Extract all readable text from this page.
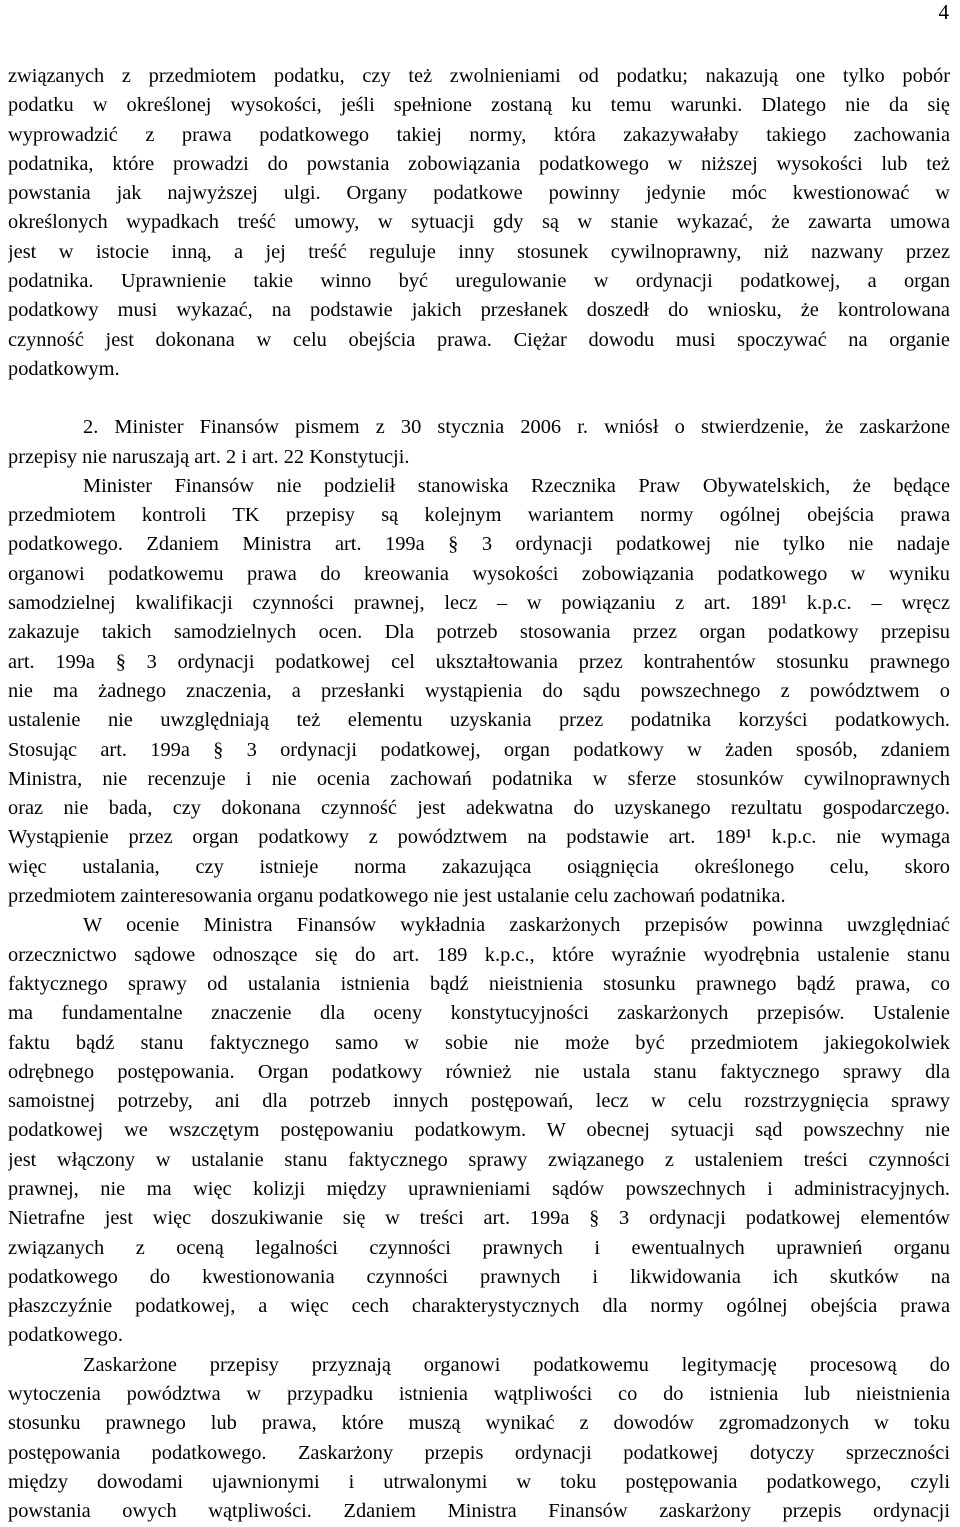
4
związanych z przedmiotem podatku, czy też zwolnieniami od podatku; nakazują one tylko pobór
podatku w określonej wysokości, jeśli spełnione zostaną ku temu warunki. Dlatego nie da się
wyprowadzić z prawa podatkowego takiej normy, która zakazywałaby takiego zachowania
podatnika, które prowadzi do powstania zobowiązania podatkowego w niższej wysokości lub też
powstania jak najwyższej ulgi. Organy podatkowe powinny jedynie móc kwestionować w
określonych wypadkach treść umowy, w sytuacji gdy są w stanie wykazać, że zawarta umowa
jest w istocie inną, a jej treść reguluje inny stosunek cywilnoprawny, niż nazwany przez
podatnika. Uprawnienie takie winno być uregulowanie w ordynacji podatkowej, a organ
podatkowy musi wykazać, na podstawie jakich przesłanek doszedł do wniosku, że kontrolowana
czynność jest dokonana w celu obejścia prawa. Ciężar dowodu musi spoczywać na organie
podatkowym.
2. Minister Finansów pismem z 30 stycznia 2006 r. wniósł o stwierdzenie, że zaskarżone
przepisy nie naruszają art. 2 i art. 22 Konstytucji.
Minister Finansów nie podzielił stanowiska Rzecznika Praw Obywatelskich, że będące
przedmiotem kontroli TK przepisy są kolejnym wariantem normy ogólnej obejścia prawa
podatkowego. Zdaniem Ministra art. 199a § 3 ordynacji podatkowej nie tylko nie nadaje
organowi podatkowemu prawa do kreowania wysokości zobowiązania podatkowego w wyniku
samodzielnej kwalifikacji czynności prawnej, lecz – w powiązaniu z art. 189¹ k.p.c. – wręcz
zakazuje takich samodzielnych ocen. Dla potrzeb stosowania przez organ podatkowy przepisu
art. 199a § 3 ordynacji podatkowej cel ukształtowania przez kontrahentów stosunku prawnego
nie ma żadnego znaczenia, a przesłanki wystąpienia do sądu powszechnego z powództwem o
ustalenie nie uwzględniają też elementu uzyskania przez podatnika korzyści podatkowych.
Stosując art. 199a § 3 ordynacji podatkowej, organ podatkowy w żaden sposób, zdaniem
Ministra, nie recenzuje i nie ocenia zachowań podatnika w sferze stosunków cywilnoprawnych
oraz nie bada, czy dokonana czynność jest adekwatna do uzyskanego rezultatu gospodarczego.
Wystąpienie przez organ podatkowy z powództwem na podstawie art. 189¹ k.p.c. nie wymaga
więc ustalania, czy istnieje norma zakazująca osiągnięcia określonego celu, skoro
przedmiotem zainteresowania organu podatkowego nie jest ustalanie celu zachowań podatnika.
W ocenie Ministra Finansów wykładnia zaskarżonych przepisów powinna uwzględniać
orzecznictwo sądowe odnoszące się do art. 189 k.p.c., które wyraźnie wyodrębnia ustalenie stanu
faktycznego sprawy od ustalania istnienia bądź nieistnienia stosunku prawnego bądź prawa, co
ma fundamentalne znaczenie dla oceny konstytucyjności zaskarżonych przepisów. Ustalenie
faktu bądź stanu faktycznego samo w sobie nie może być przedmiotem jakiegokolwiek
odrębnego postępowania. Organ podatkowy również nie ustala stanu faktycznego sprawy dla
samoistnej potrzeby, ani dla potrzeb innych postępowań, lecz w celu rozstrzygnięcia sprawy
podatkowej we wszczętym postępowaniu podatkowym. W obecnej sytuacji sąd powszechny nie
jest włączony w ustalanie stanu faktycznego sprawy związanego z ustaleniem treści czynności
prawnej, nie ma więc kolizji między uprawnieniami sądów powszechnych i administracyjnych.
Nietrafne jest więc doszukiwanie się w treści art. 199a § 3 ordynacji podatkowej elementów
związanych z oceną legalności czynności prawnych i ewentualnych uprawnień organu
podatkowego do kwestionowania czynności prawnych i likwidowania ich skutków na
płaszczyźnie podatkowej, a więc cech charakterystycznych dla normy ogólnej obejścia prawa
podatkowego.
Zaskarżone przepisy przyznają organowi podatkowemu legitymację procesową do
wytoczenia powództwa w przypadku istnienia wątpliwości co do istnienia lub nieistnienia
stosunku prawnego lub prawa, które muszą wynikać z dowodów zgromadzonych w toku
postępowania podatkowego. Zaskarżony przepis ordynacji podatkowej dotyczy sprzeczności
między dowodami ujawnionymi i utrwalonymi w toku postępowania podatkowego, czyli
powstania owych wątpliwości. Zdaniem Ministra Finansów zaskarżony przepis ordynacji
